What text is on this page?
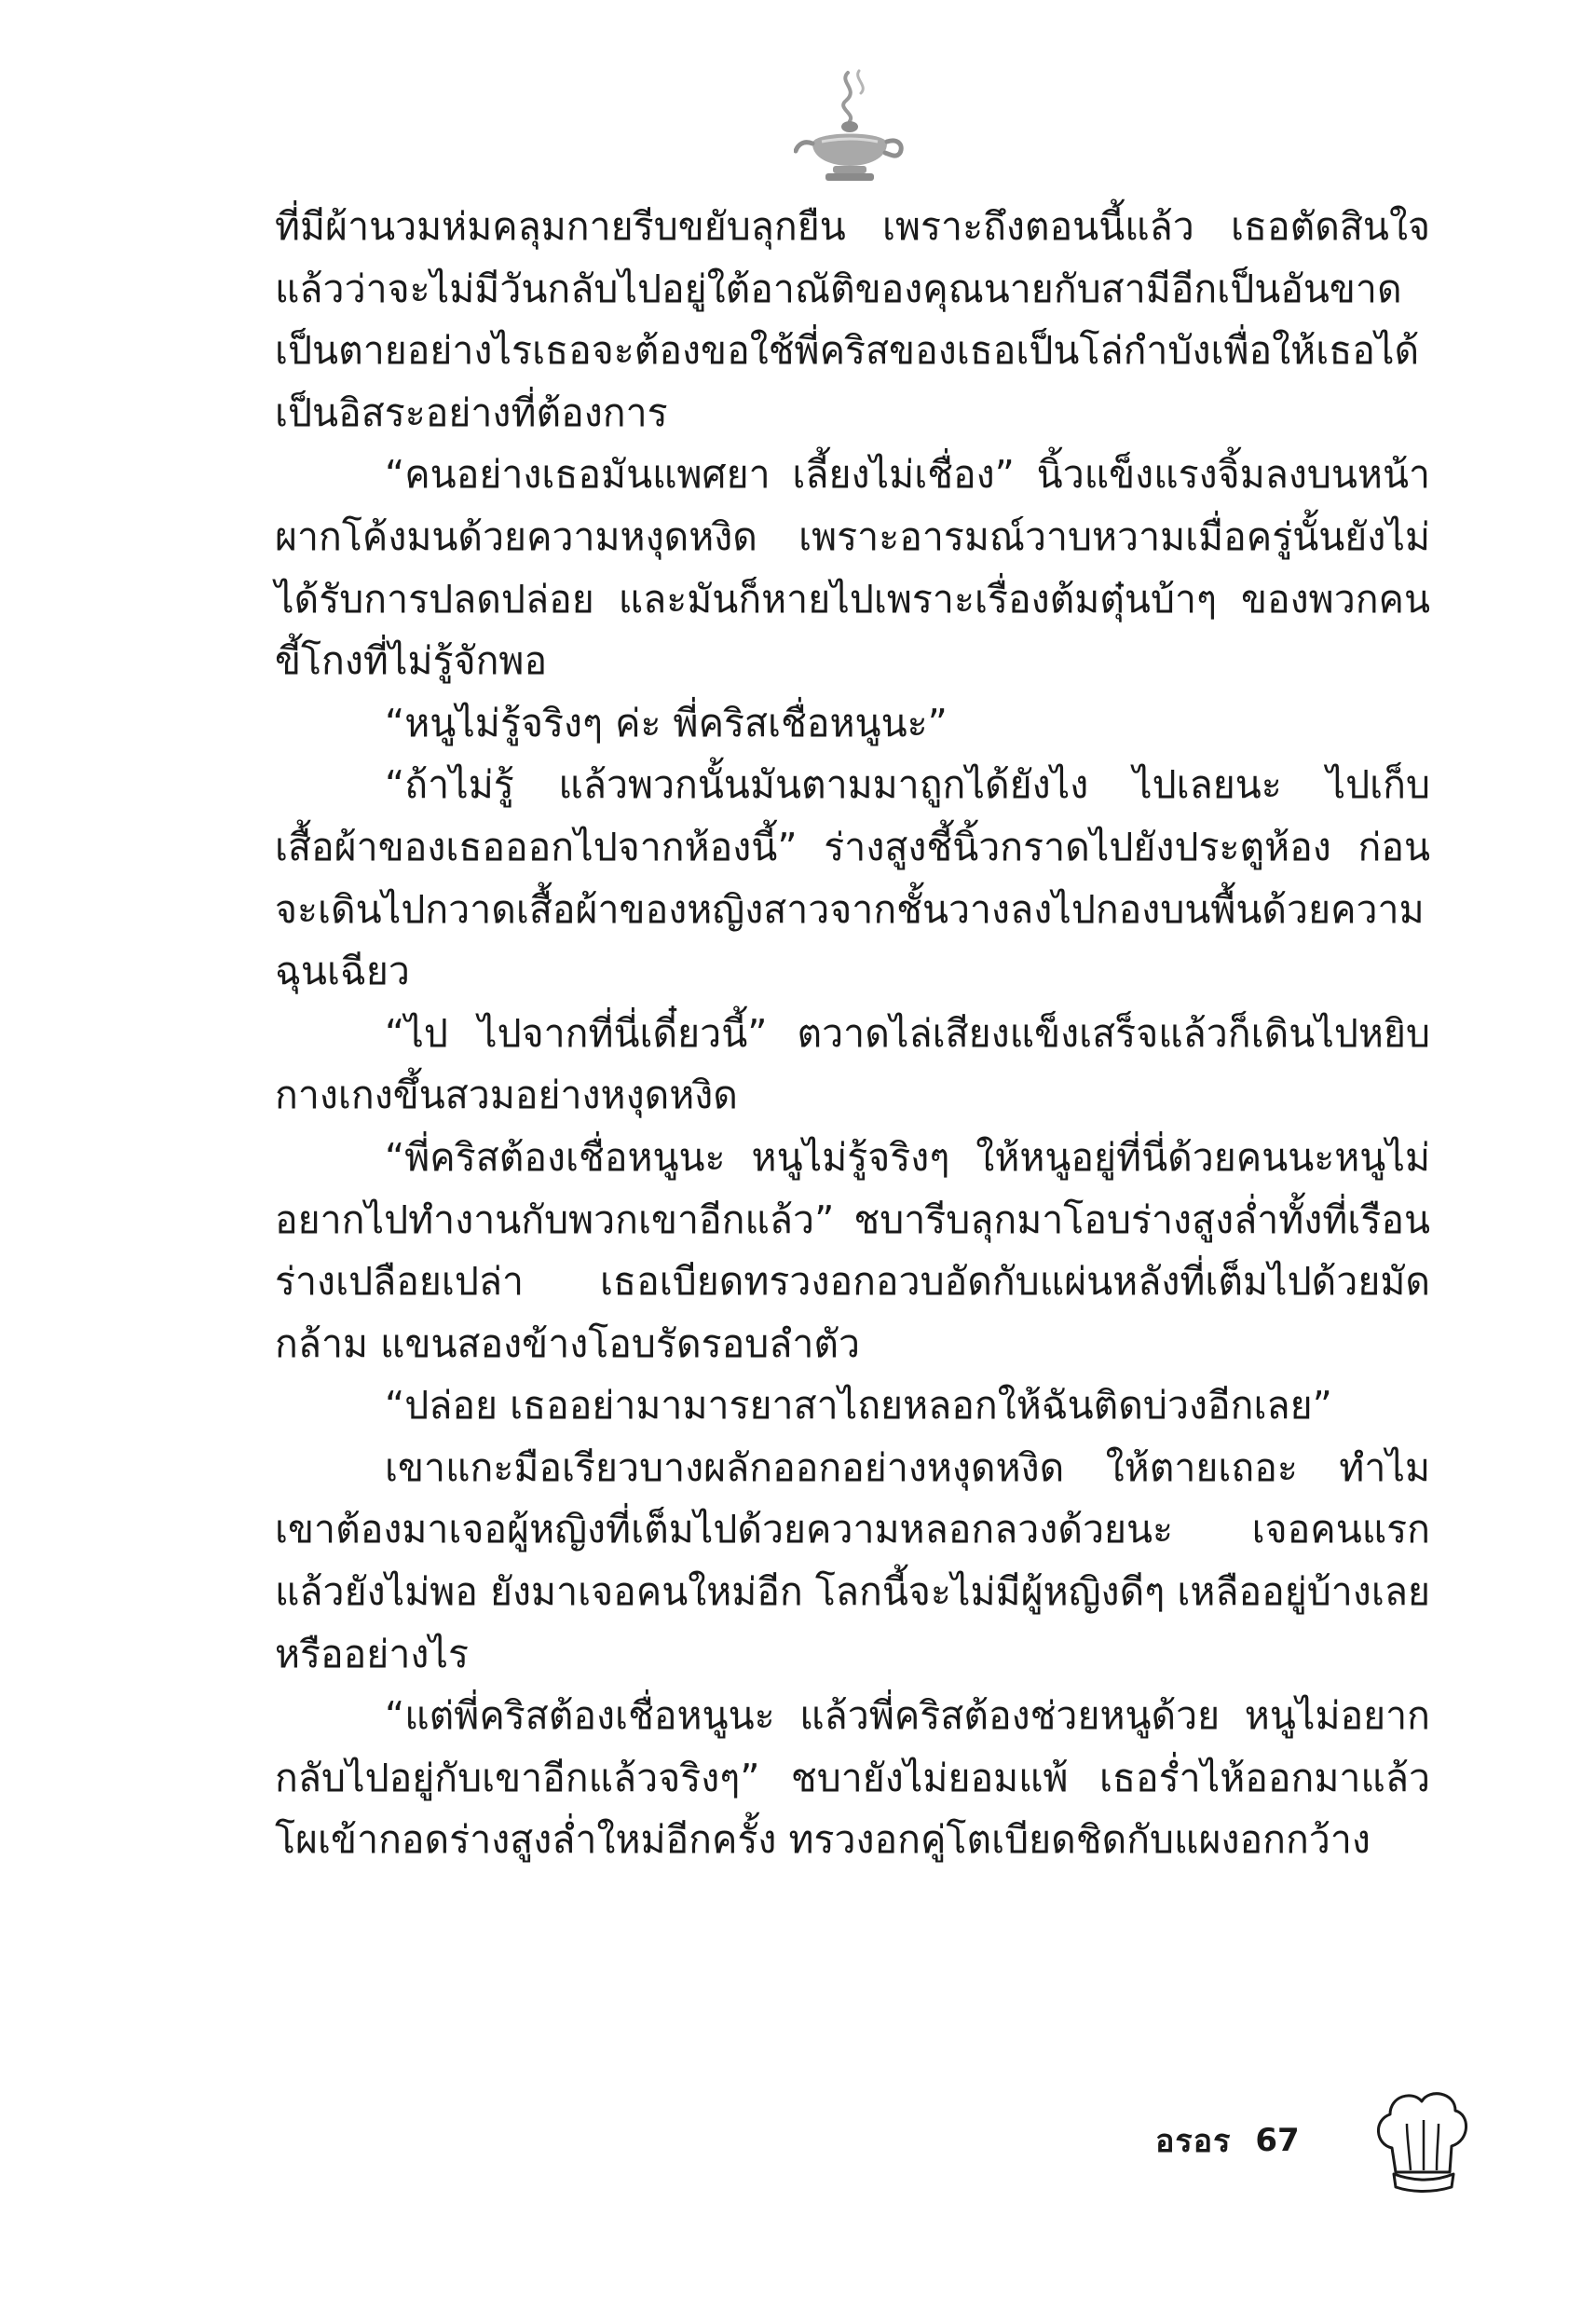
ที่มีผ้านวมห่มคลุมกายรีบขยับลุกยืน เพราะถึงตอนนี้แล้ว เธอตัดสินใจแล้วว่าจะไม่มีวันกลับไปอยู่ใต้อาณัติของคุณนายกับสามีอีกเป็นอันขาดเป็นตายอย่างไรเธอจะต้องขอใช้พี่คริสของเธอเป็นโล่กำบังเพื่อให้เธอได้เป็นอิสระอย่างที่ต้องการ

“คนอย่างเธอมันแพศยา เลี้ยงไม่เชื่อง” นิ้วแข็งแรงจิ้มลงบนหน้าผากโค้งมนด้วยความหงุดหงิด เพราะอารมณ์วาบหวามเมื่อครู่นั้นยังไม่ได้รับการปลดปล่อย และมันก็หายไปเพราะเรื่องต้มตุ๋นบ้าๆ ของพวกคนขี้โกงที่ไม่รู้จักพอ

“หนูไม่รู้จริงๆ ค่ะ พี่คริสเชื่อหนูนะ”

“ถ้าไม่รู้ แล้วพวกนั้นมันตามมาถูกได้ยังไง ไปเลยนะ ไปเก็บเสื้อผ้าของเธอออกไปจากห้องนี้” ร่างสูงชี้นิ้วกราดไปยังประตูห้อง ก่อนจะเดินไปกวาดเสื้อผ้าของหญิงสาวจากชั้นวางลงไปกองบนพื้นด้วยความฉุนเฉียว

“ไป ไปจากที่นี่เดี๋ยวนี้” ตวาดไล่เสียงแข็งเสร็จแล้วก็เดินไปหยิบกางเกงขึ้นสวมอย่างหงุดหงิด

“พี่คริสต้องเชื่อหนูนะ หนูไม่รู้จริงๆ ให้หนูอยู่ที่นี่ด้วยคนนะหนูไม่อยากไปทำงานกับพวกเขาอีกแล้ว” ชบารีบลุกมาโอบร่างสูงล่ำทั้งที่เรือนร่างเปลือยเปล่า เธอเบียดทรวงอกอวบอัดกับแผ่นหลังที่เต็มไปด้วยมัดกล้าม แขนสองข้างโอบรัดรอบลำตัว

“ปล่อย เธออย่ามามารยาสาไถยหลอกให้ฉันติดบ่วงอีกเลย”

เขาแกะมือเรียวบางผลักออกอย่างหงุดหงิด ให้ตายเถอะ ทำไมเขาต้องมาเจอผู้หญิงที่เต็มไปด้วยความหลอกลวงด้วยนะ เจอคนแรกแล้วยังไม่พอ ยังมาเจอคนใหม่อีก โลกนี้จะไม่มีผู้หญิงดีๆ เหลืออยู่บ้างเลยหรืออย่างไร

“แต่พี่คริสต้องเชื่อหนูนะ แล้วพี่คริสต้องช่วยหนูด้วย หนูไม่อยากกลับไปอยู่กับเขาอีกแล้วจริงๆ” ชบายังไม่ยอมแพ้ เธอร่ำไห้ออกมาแล้วโผเข้ากอดร่างสูงล่ำใหม่อีกครั้ง ทรวงอกคู่โตเบียดชิดกับแผงอกกว้าง

อรอร 67
